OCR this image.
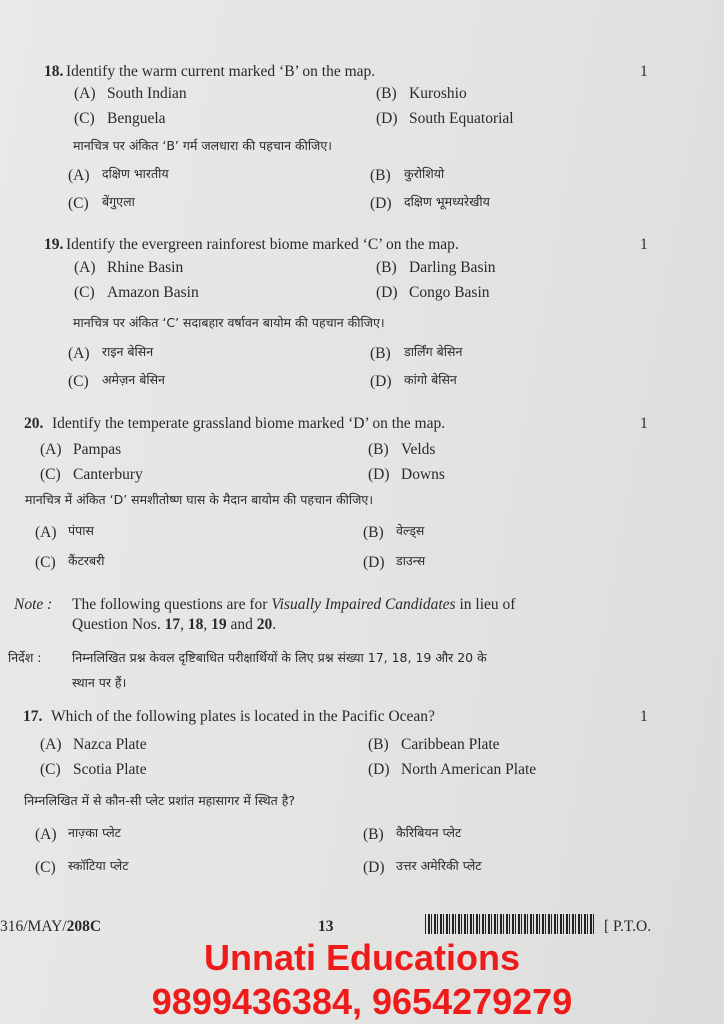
18. Identify the warm current marked ‘B’ on the map.	1
मानचित्र पर अंकित ‘B’ गर्म जलधारा की पहचान कीजिए।
(A) South Indian
(A) दक्षिण भारतीय
(B) Kuroshio
(B) कुरोशियो
(C) Benguela
(C) बेंगुएला
(D) South Equatorial
(D) दक्षिण भूमध्यरेखीय
19. Identify the evergreen rainforest biome marked ‘C’ on the map.	1
मानचित्र पर अंकित ‘C’ सदाबहार वर्षावन बायोम की पहचान कीजिए।
(A) Rhine Basin
(A) राइन बेसिन
(B) Darling Basin
(B) डार्लिंग बेसिन
(C) Amazon Basin
(C) अमेज़न बेसिन
(D) Congo Basin
(D) कांगो बेसिन
20. Identify the temperate grassland biome marked ‘D’ on the map.	1
मानचित्र में अंकित ‘D’ समशीतोष्ण घास के मैदान बायोम की पहचान कीजिए।
(A) Pampas
(A) पंपास
(B) Velds
(B) वेल्ड्स
(C) Canterbury
(C) कैंटरबरी
(D) Downs
(D) डाउन्स
17. Which of the following plates is located in the Pacific Ocean?	1
निम्नलिखित में से कौन-सी प्लेट प्रशांत महासागर में स्थित है?
(A) Nazca Plate
(A) नाज़्का प्लेट
(B) Caribbean Plate
(B) कैरिबियन प्लेट
(C) Scotia Plate
(C) स्कॉटिया प्लेट
(D) North American Plate
(D) उत्तर अमेरिकी प्लेट
Note : The following questions are for Visually Impaired Candidates in lieu of
Question Nos. 17, 18, 19 and 20.
निर्देश : निम्नलिखित प्रश्न केवल दृष्टिबाधित परीक्षार्थियों के लिए प्रश्न संख्या 17, 18, 19 और 20 के
स्थान पर हैं।
316/MAY/208C	13	[ P.T.O.
Unnati Educations
9899436384, 9654279279
